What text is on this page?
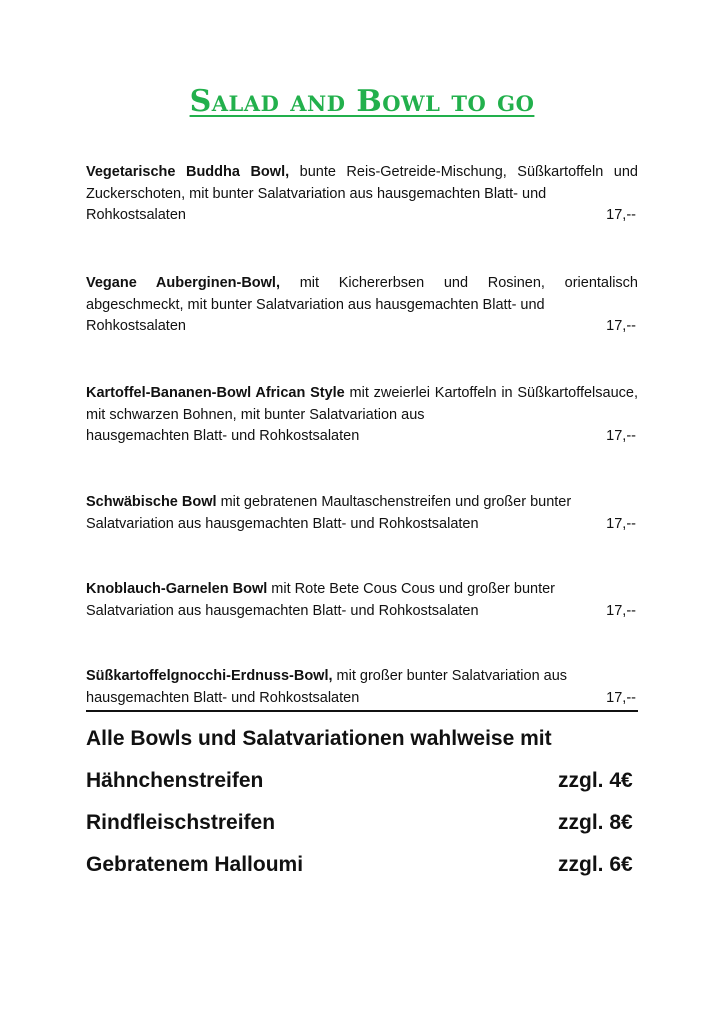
Salad and Bowl to go
Vegetarische Buddha Bowl, bunte Reis-Getreide-Mischung, Süßkartoffeln und Zuckerschoten, mit bunter Salatvariation aus hausgemachten Blatt- und
Rohkostsalaten	17,--
Vegane Auberginen-Bowl, mit Kichererbsen und Rosinen, orientalisch abgeschmeckt, mit bunter Salatvariation aus hausgemachten Blatt- und
Rohkostsalaten	17,--
Kartoffel-Bananen-Bowl African Style mit zweierlei Kartoffeln in Süßkartoffelsauce, mit schwarzen Bohnen, mit bunter Salatvariation aus
hausgemachten Blatt- und Rohkostsalaten	17,--
Schwäbische Bowl mit gebratenen Maultaschenstreifen und großer bunter
Salatvariation aus hausgemachten Blatt- und Rohkostsalaten	17,--
Knoblauch-Garnelen Bowl mit Rote Bete Cous Cous und großer bunter
Salatvariation aus hausgemachten Blatt- und Rohkostsalaten	17,--
Süßkartoffelgnocchi-Erdnuss-Bowl, mit großer bunter Salatvariation aus
hausgemachten Blatt- und Rohkostsalaten	17,--
Alle Bowls und Salatvariationen wahlweise mit
Hähnchenstreifen	zzgl. 4€
Rindfleischstreifen	zzgl. 8€
Gebratenem Halloumi	zzgl. 6€
